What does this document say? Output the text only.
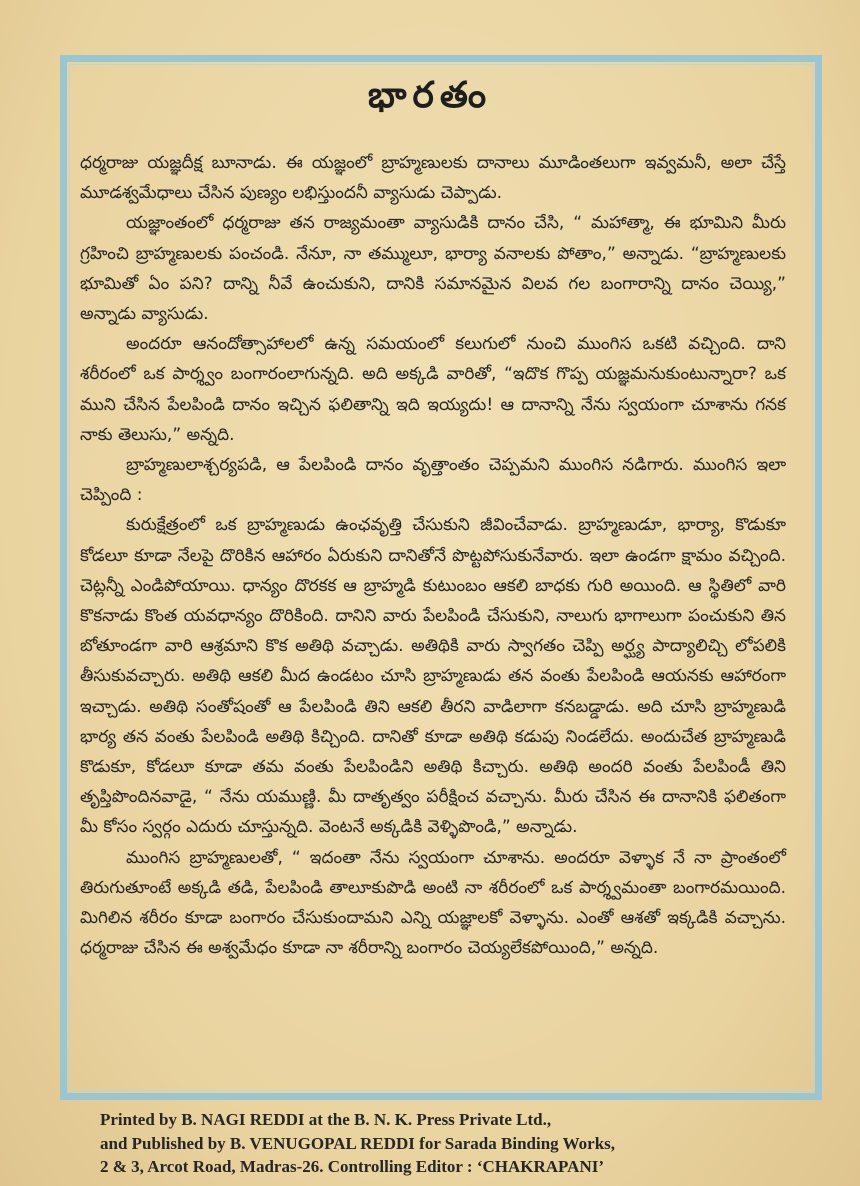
భారతం

ధర్మరాజు యజ్ఞదీక్ష బూనాడు. ఈ యజ్ఞంలో బ్రాహ్మణులకు దానాలు మూడింతలుగా ఇవ్వమనీ, అలా చేస్తే మూడశ్వమేధాలు చేసిన పుణ్యం లభిస్తుందనీ వ్యాసుడు చెప్పాడు.

యజ్ఞాంతంలో ధర్మరాజు తన రాజ్యమంతా వ్యాసుడికి దానం చేసి, “ మహాత్మా, ఈ భూమిని మీరు గ్రహించి బ్రాహ్మణులకు పంచండి. నేనూ, నా తమ్ములూ, భార్యా వనాలకు పోతాం,” అన్నాడు. “బ్రాహ్మణులకు భూమితో ఏం పని? దాన్ని నీవే ఉంచుకుని, దానికి సమానమైన విలవ గల బంగారాన్ని దానం చెయ్యి,” అన్నాడు వ్యాసుడు.

అందరూ ఆనందోత్సాహాలలో ఉన్న సమయంలో కలుగులో నుంచి ముంగిస ఒకటి వచ్చింది. దాని శరీరంలో ఒక పార్శ్వం బంగారంలాగున్నది. అది అక్కడి వారితో, “ఇదొక గొప్ప యజ్ఞమనుకుంటున్నారా? ఒక ముని చేసిన పేలపిండి దానం ఇచ్చిన ఫలితాన్ని ఇది ఇయ్యదు! ఆ దానాన్ని నేను స్వయంగా చూశాను గనక నాకు తెలుసు,” అన్నది.

బ్రాహ్మణులాశ్చర్యపడి, ఆ పేలపిండి దానం వృత్తాంతం చెప్పమని ముంగిస నడిగారు. ముంగిస ఇలా చెప్పింది :

కురుక్షేత్రంలో ఒక బ్రాహ్మణుడు ఉంఛవృత్తి చేసుకుని జీవించేవాడు. బ్రాహ్మణుడూ, భార్యా, కొడుకూ కోడలూ కూడా నేలపై దొరికిన ఆహారం ఏరుకుని దానితోనే పొట్టపోసుకునేవారు. ఇలా ఉండగా క్షామం వచ్చింది. చెట్లన్నీ ఎండిపోయాయి. ధాన్యం దొరకక ఆ బ్రాహ్మడి కుటుంబం ఆకలి బాధకు గురి అయింది. ఆ స్థితిలో వారి కొకనాడు కొంత యవధాన్యం దొరికింది. దానిని వారు పేలపిండి చేసుకుని, నాలుగు భాగాలుగా పంచుకుని తిన బోతూండగా వారి ఆశ్రమాని కొక అతిథి వచ్చాడు. అతిథికి వారు స్వాగతం చెప్పి అర్ఘ్య పాద్యాలిచ్చి లోపలికి తీసుకువచ్చారు. అతిథి ఆకలి మీద ఉండటం చూసి బ్రాహ్మణుడు తన వంతు పేలపిండి ఆయనకు ఆహారంగా ఇచ్చాడు. అతిథి సంతోషంతో ఆ పేలపిండి తిని ఆకలి తీరని వాడిలాగా కనబడ్డాడు. అది చూసి బ్రాహ్మణుడి భార్య తన వంతు పేలపిండి అతిథి కిచ్చింది. దానితో కూడా అతిథి కడుపు నిండలేదు. అందుచేత బ్రాహ్మణుడి కొడుకూ, కోడలూ కూడా తమ వంతు పేలపిండిని అతిథి కిచ్చారు. అతిథి అందరి వంతు పేలపిండీ తిని తృప్తిపొందినవాడై, “ నేను యముణ్ణి. మీ దాతృత్వం పరీక్షించ వచ్చాను. మీరు చేసిన ఈ దానానికి ఫలితంగా మీ కోసం స్వర్గం ఎదురు చూస్తున్నది. వెంటనే అక్కడికి వెళ్ళిపొండి,” అన్నాడు.

ముంగిస బ్రాహ్మణులతో, “ ఇదంతా నేను స్వయంగా చూశాను. అందరూ వెళ్ళాక నే నా ప్రాంతంలో తిరుగుతూంటే అక్కడి తడి, పేలపిండి తాలూకుపొడి అంటి నా శరీరంలో ఒక పార్శ్వమంతా బంగారమయింది. మిగిలిన శరీరం కూడా బంగారం చేసుకుందామని ఎన్ని యజ్ఞాలకో వెళ్ళాను. ఎంతో ఆశతో ఇక్కడికి వచ్చాను. ధర్మరాజు చేసిన ఈ అశ్వమేధం కూడా నా శరీరాన్ని బంగారం చెయ్యలేకపోయింది,” అన్నది.

Printed by B. NAGI REDDI at the B. N. K. Press Private Ltd.,
and Published by B. VENUGOPAL REDDI for Sarada Binding Works,
2 & 3, Arcot Road, Madras-26. Controlling Editor : ‘CHAKRAPANI’
